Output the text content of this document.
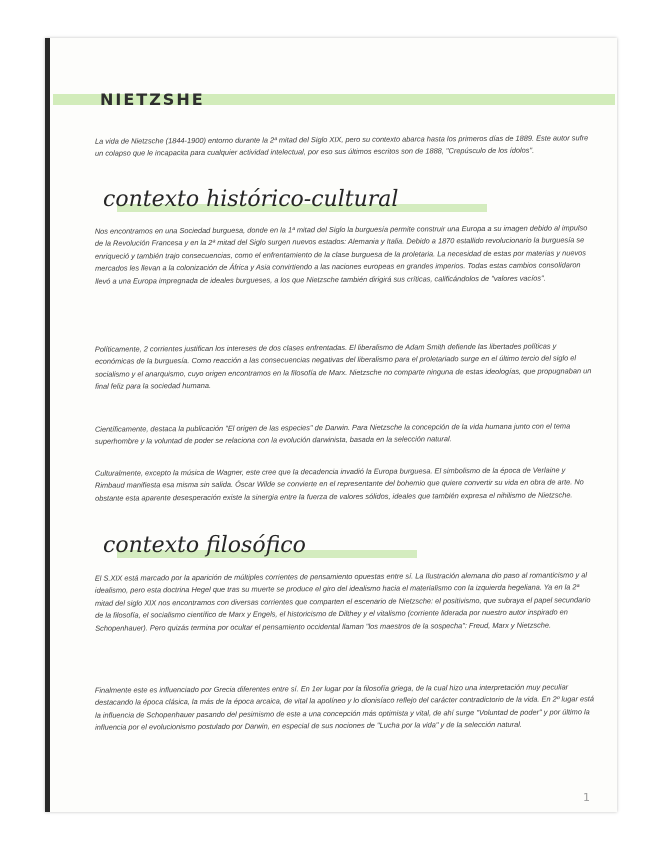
NIETZSHE

La vida de Nietzsche (1844-1900) entorno durante la 2ª mitad del Siglo XIX, pero su contexto abarca hasta los primeros días de 1889. Este autor sufre un colapso que le incapacita para cualquier actividad intelectual, por eso sus últimos escritos son de 1888, "Crepúsculo de los ídolos".

contexto histórico-cultural

Nos encontramos en una Sociedad burguesa, donde en la 1ª mitad del Siglo la burguesía permite construir una Europa a su imagen debido al impulso de la Revolución Francesa y en la 2ª mitad del Siglo surgen nuevos estados: Alemania y Italia. Debido a 1870 estallido revolucionario la burguesía se enriqueció y también trajo consecuencias, como el enfrentamiento de la clase burguesa de la proletaria. La necesidad de estas por materias y nuevos mercados les llevan a la colonización de África y Asia convirtiendo a las naciones europeas en grandes imperios. Todas estas cambios consolidaron llevó a una Europa impregnada de ideales burgueses, a los que Nietzsche también dirigirá sus críticas, calificándolos de "valores vacíos".

Políticamente, 2 corrientes justifican los intereses de dos clases enfrentadas. El liberalismo de Adam Smith defiende las libertades políticas y económicas de la burguesía. Como reacción a las consecuencias negativas del liberalismo para el proletariado surge en el último tercio del siglo el socialismo y el anarquismo, cuyo origen encontramos en la filosofía de Marx. Nietzsche no comparte ninguna de estas ideologías, que propugnaban un final feliz para la sociedad humana.

Científicamente, destaca la publicación "El origen de las especies" de Darwin. Para Nietzsche la concepción de la vida humana junto con el tema superhombre y la voluntad de poder se relaciona con la evolución darwinista, basada en la selección natural.

Culturalmente, excepto la música de Wagner, este cree que la decadencia invadió la Europa burguesa. El simbolismo de la época de Verlaine y Rimbaud manifiesta esa misma sin salida. Óscar Wilde se convierte en el representante del bohemio que quiere convertir su vida en obra de arte. No obstante esta aparente desesperación existe la sinergia entre la fuerza de valores sólidos, ideales que también expresa el nihilismo de Nietzsche.

contexto filosófico

El S.XIX está marcado por la aparición de múltiples corrientes de pensamiento opuestas entre sí. La Ilustración alemana dio paso al romanticismo y al idealismo, pero esta doctrina Hegel que tras su muerte se produce el giro del idealismo hacia el materialismo con la izquierda hegeliana. Ya en la 2ª mitad del siglo XIX nos encontramos con diversas corrientes que comparten el escenario de Nietzsche: el positivismo, que subraya el papel secundario de la filosofía, el socialismo científico de Marx y Engels, el historicismo de Dilthey y el vitalismo (corriente liderada por nuestro autor inspirado en Schopenhauer). Pero quizás termina por ocultar el pensamiento occidental llaman "los maestros de la sospecha": Freud, Marx y Nietzsche.

Finalmente este es influenciado por Grecia diferentes entre sí. En 1er lugar por la filosofía griega, de la cual hizo una interpretación muy peculiar destacando la época clásica, la más de la época arcaica, de vital la apolíneo y lo dionisíaco reflejo del carácter contradictorio de la vida. En 2º lugar está la influencia de Schopenhauer pasando del pesimismo de este a una concepción más optimista y vital, de ahí surge "Voluntad de poder" y por último la influencia por el evolucionismo postulado por Darwin, en especial de sus nociones de "Lucha por la vida" y de la selección natural.

1
